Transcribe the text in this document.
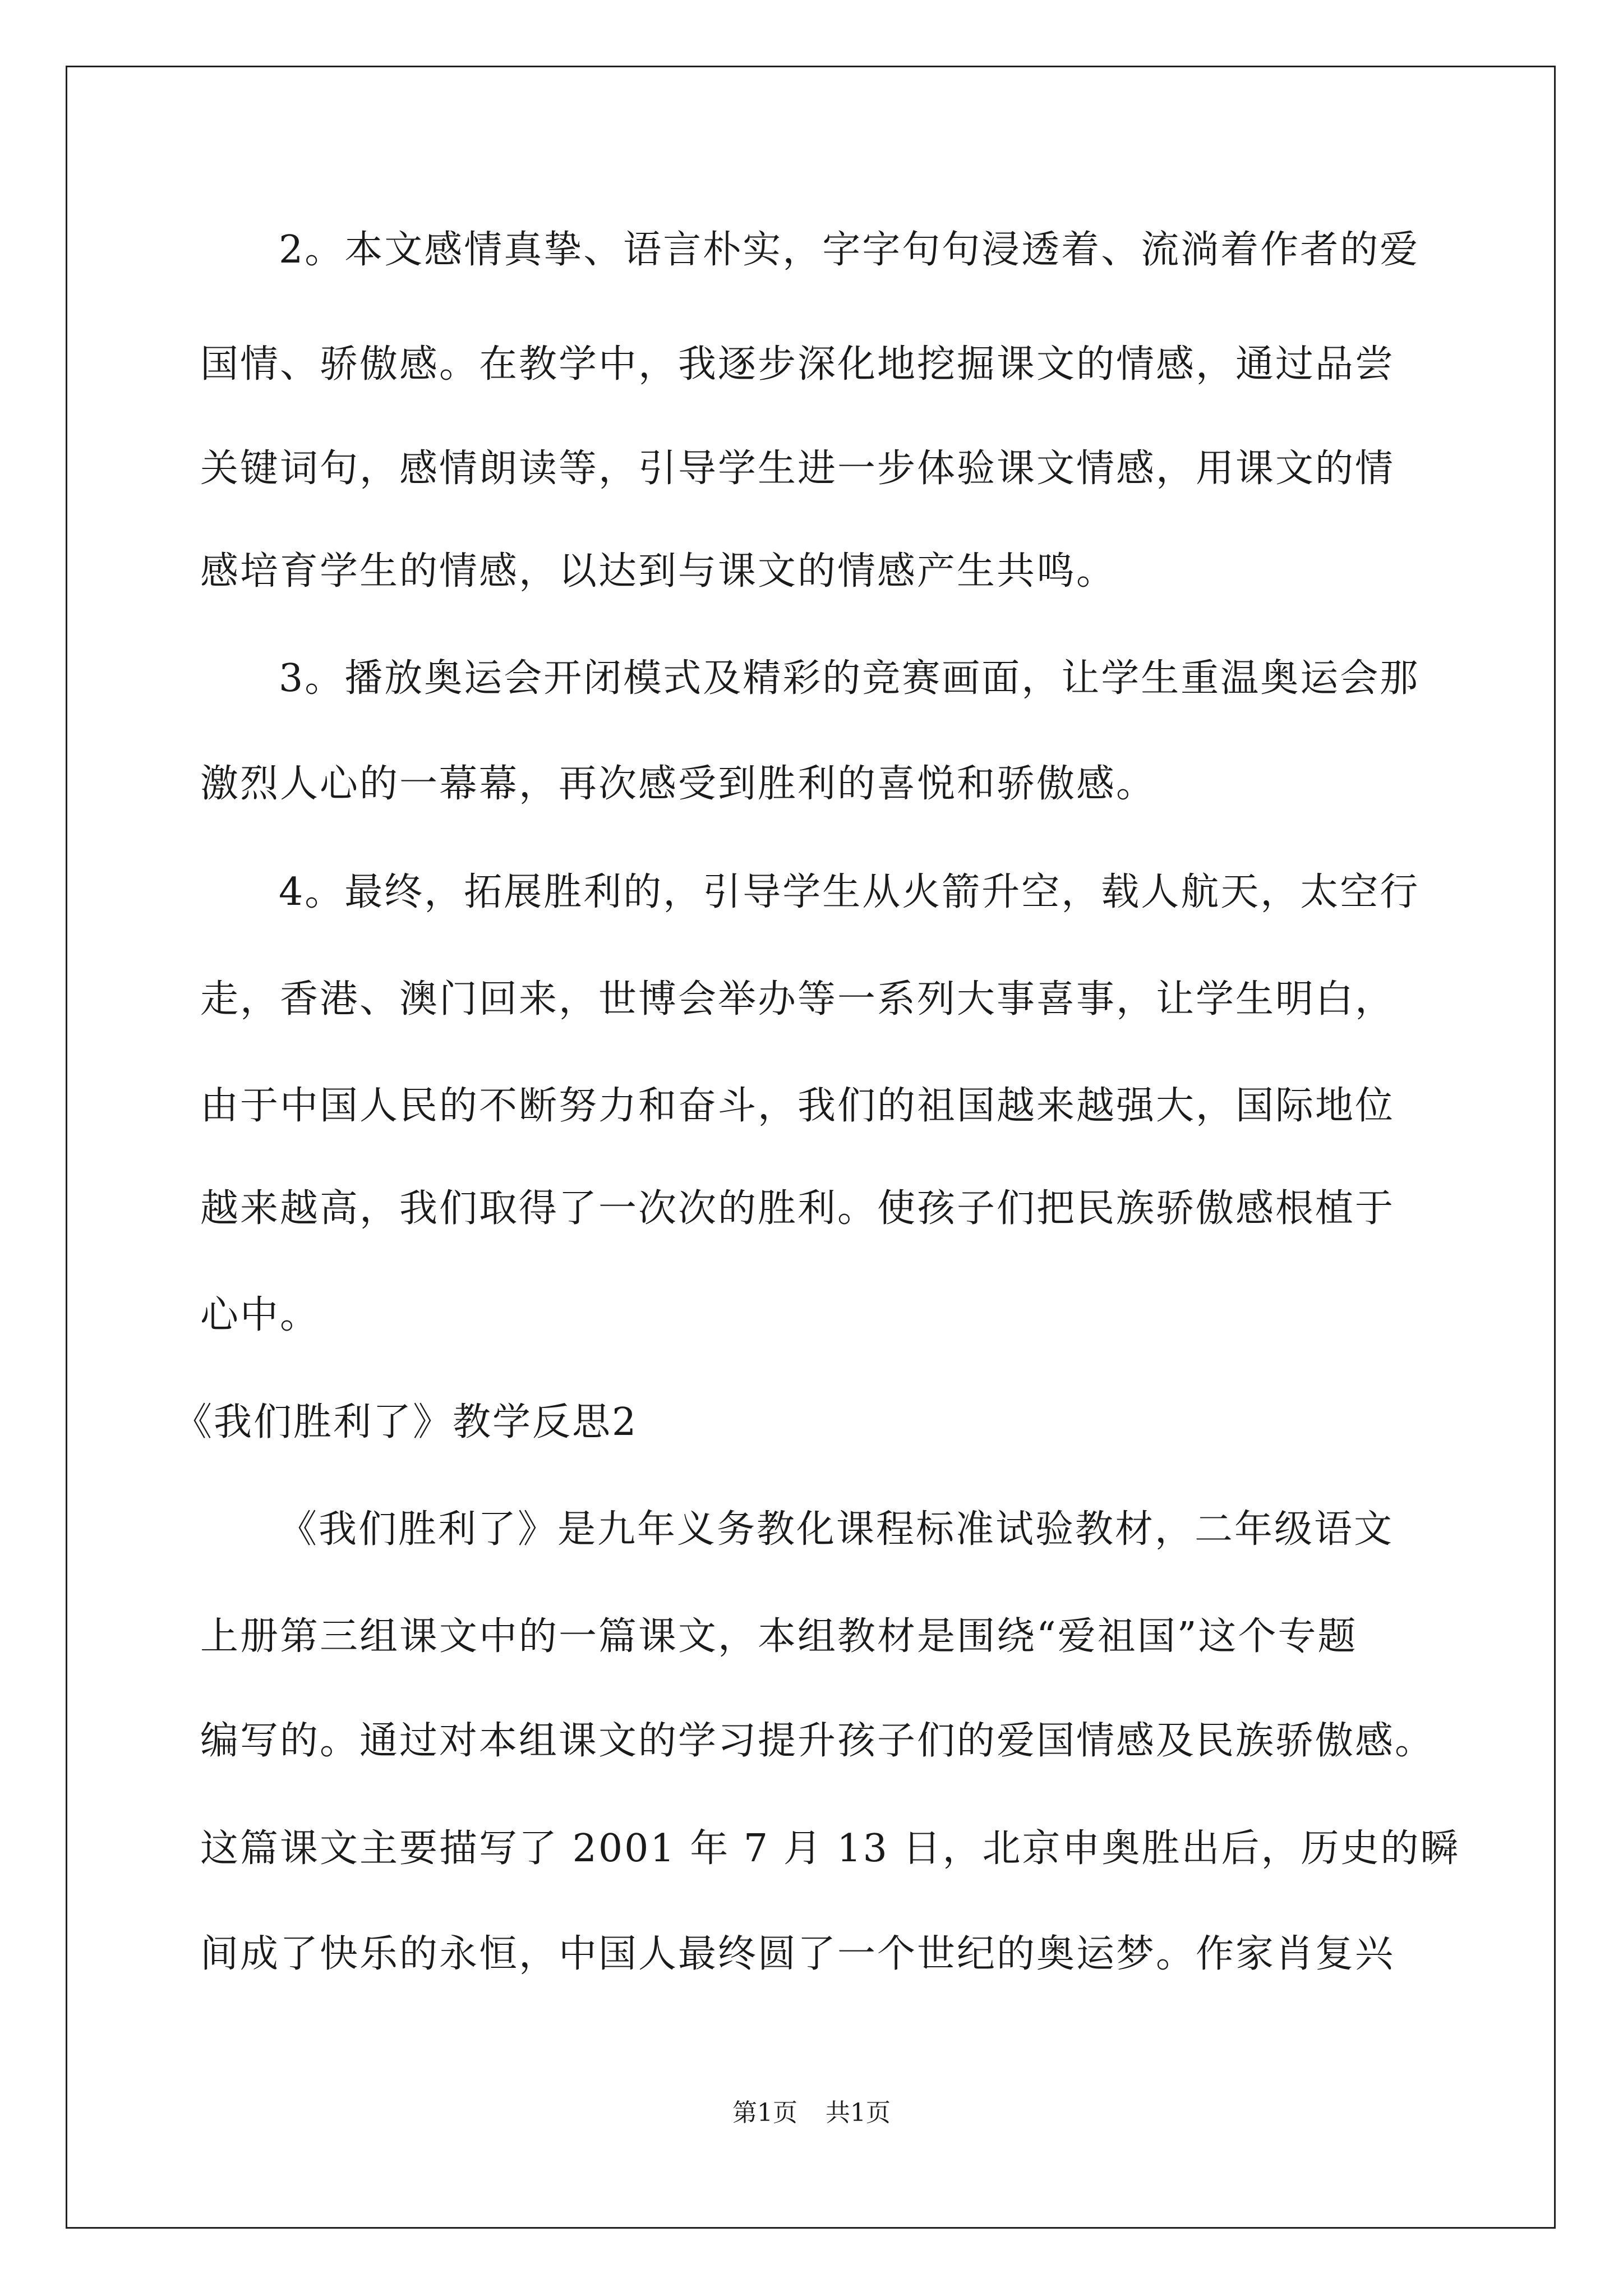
2。本文感情真挚、语言朴实，字字句句浸透着、流淌着作者的爱
国情、骄傲感。在教学中，我逐步深化地挖掘课文的情感，通过品尝
关键词句，感情朗读等，引导学生进一步体验课文情感，用课文的情
感培育学生的情感，以达到与课文的情感产生共鸣。
3。播放奥运会开闭模式及精彩的竞赛画面，让学生重温奥运会那
激烈人心的一幕幕，再次感受到胜利的喜悦和骄傲感。
4。最终，拓展胜利的，引导学生从火箭升空，载人航天，太空行
走，香港、澳门回来，世博会举办等一系列大事喜事，让学生明白，
由于中国人民的不断努力和奋斗，我们的祖国越来越强大，国际地位
越来越高，我们取得了一次次的胜利。使孩子们把民族骄傲感根植于
心中。
《我们胜利了》教学反思2
《我们胜利了》是九年义务教化课程标准试验教材，二年级语文
上册第三组课文中的一篇课文，本组教材是围绕“爱祖国”这个专题
编写的。通过对本组课文的学习提升孩子们的爱国情感及民族骄傲感。
这篇课文主要描写了 2001 年 7 月 13 日，北京申奥胜出后，历史的瞬
间成了快乐的永恒，中国人最终圆了一个世纪的奥运梦。作家肖复兴
第1页 共1页
